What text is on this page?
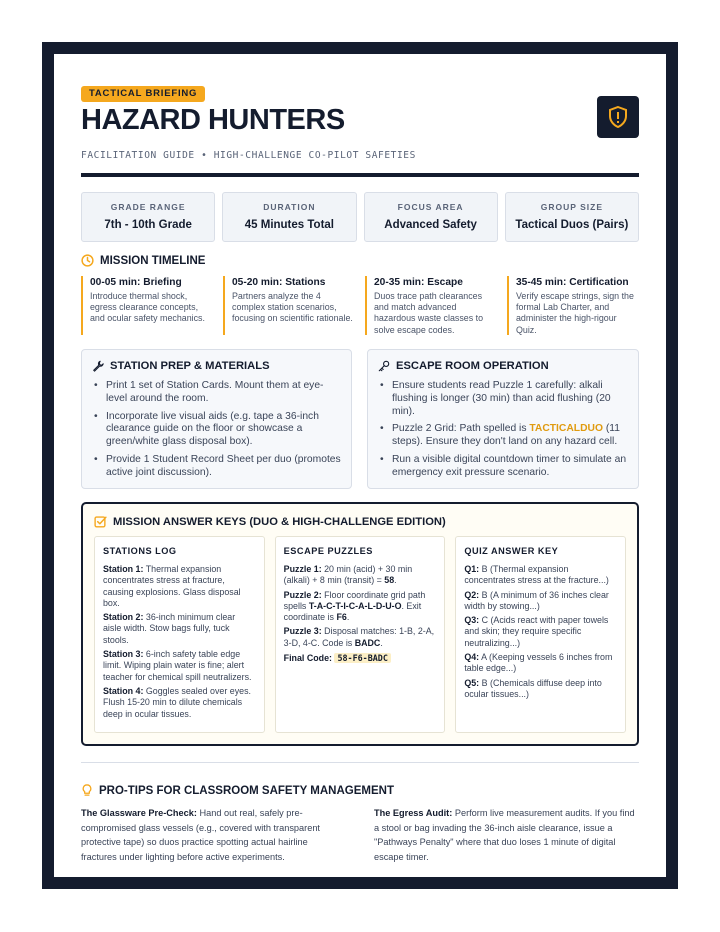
TACTICAL BRIEFING
HAZARD HUNTERS
FACILITATION GUIDE • HIGH-CHALLENGE CO-PILOT SAFETIES
GRADE RANGE
7th - 10th Grade
DURATION
45 Minutes Total
FOCUS AREA
Advanced Safety
GROUP SIZE
Tactical Duos (Pairs)
MISSION TIMELINE
00-05 min: Briefing
Introduce thermal shock, egress clearance concepts, and ocular safety mechanics.
05-20 min: Stations
Partners analyze the 4 complex station scenarios, focusing on scientific rationale.
20-35 min: Escape
Duos trace path clearances and match advanced hazardous waste classes to solve escape codes.
35-45 min: Certification
Verify escape strings, sign the formal Lab Charter, and administer the high-rigour Quiz.
STATION PREP & MATERIALS
• Print 1 set of Station Cards. Mount them at eye-level around the room.
• Incorporate live visual aids (e.g. tape a 36-inch clearance guide on the floor or showcase a green/white glass disposal box).
• Provide 1 Student Record Sheet per duo (promotes active joint discussion).
ESCAPE ROOM OPERATION
• Ensure students read Puzzle 1 carefully: alkali flushing is longer (30 min) than acid flushing (20 min).
• Puzzle 2 Grid: Path spelled is TACTICALDUO (11 steps). Ensure they don't land on any hazard cell.
• Run a visible digital countdown timer to simulate an emergency exit pressure scenario.
MISSION ANSWER KEYS (DUO & HIGH-CHALLENGE EDITION)
STATIONS LOG
Station 1: Thermal expansion concentrates stress at fracture, causing explosions. Glass disposal box.
Station 2: 36-inch minimum clear aisle width. Stow bags fully, tuck stools.
Station 3: 6-inch safety table edge limit. Wiping plain water is fine; alert teacher for chemical spill neutralizers.
Station 4: Goggles sealed over eyes. Flush 15-20 min to dilute chemicals deep in ocular tissues.
ESCAPE PUZZLES
Puzzle 1: 20 min (acid) + 30 min (alkali) + 8 min (transit) = 58.
Puzzle 2: Floor coordinate grid path spells T-A-C-T-I-C-A-L-D-U-O. Exit coordinate is F6.
Puzzle 3: Disposal matches: 1-B, 2-A, 3-D, 4-C. Code is BADC.
Final Code: 58-F6-BADC
QUIZ ANSWER KEY
Q1: B (Thermal expansion concentrates stress at the fracture...)
Q2: B (A minimum of 36 inches clear width by stowing...)
Q3: C (Acids react with paper towels and skin; they require specific neutralizing...)
Q4: A (Keeping vessels 6 inches from table edge...)
Q5: B (Chemicals diffuse deep into ocular tissues...)
PRO-TIPS FOR CLASSROOM SAFETY MANAGEMENT
The Glassware Pre-Check: Hand out real, safely pre-compromised glass vessels (e.g., covered with transparent protective tape) so duos practice spotting actual hairline fractures under lighting before active experiments.
The Egress Audit: Perform live measurement audits. If you find a stool or bag invading the 36-inch aisle clearance, issue a "Pathways Penalty" where that duo loses 1 minute of digital escape timer.
